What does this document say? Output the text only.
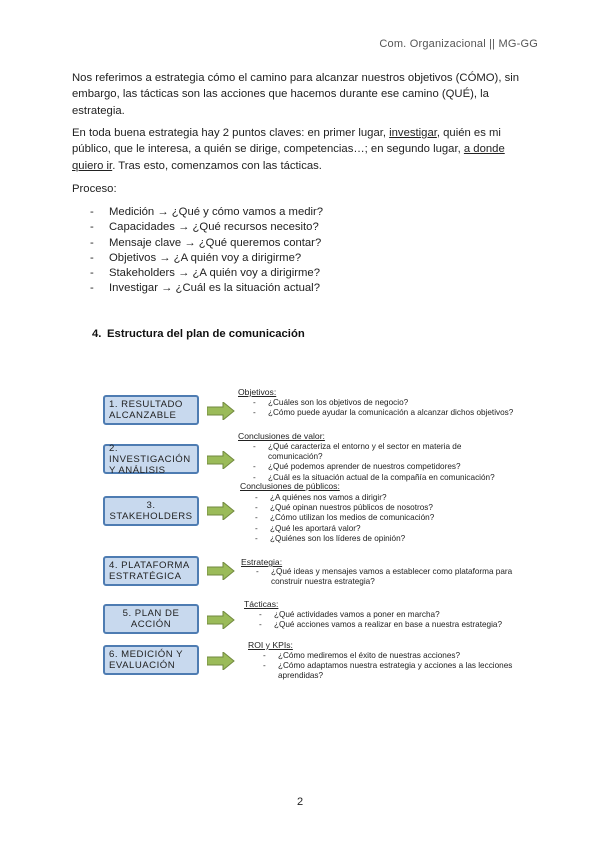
Com. Organizacional || MG-GG
Nos referimos a estrategia cómo el camino para alcanzar nuestros objetivos (CÓMO), sin embargo, las tácticas son las acciones que hacemos durante ese camino (QUÉ), la estrategia.
En toda buena estrategia hay 2 puntos claves: en primer lugar, investigar, quién es mi público, que le interesa, a quién se dirige, competencias…; en segundo lugar, a donde quiero ir. Tras esto, comenzamos con las tácticas.
Proceso:
- Medición → ¿Qué y cómo vamos a medir?
- Capacidades → ¿Qué recursos necesito?
- Mensaje clave → ¿Qué queremos contar?
- Objetivos → ¿A quién voy a dirigirme?
- Stakeholders → ¿A quién voy a dirigirme?
- Investigar → ¿Cuál es la situación actual?
4. Estructura del plan de comunicación
1. RESULTADO ALCANZABLE
2. INVESTIGACIÓN Y ANÁLISIS
3. STAKEHOLDERS
4. PLATAFORMA ESTRATÉGICA
5. PLAN DE ACCIÓN
6. MEDICIÓN Y EVALUACIÓN
Objetivos:
- ¿Cuáles son los objetivos de negocio?
- ¿Cómo puede ayudar la comunicación a alcanzar dichos objetivos?
Conclusiones de valor:
- ¿Qué caracteriza el entorno y el sector en materia de comunicación?
- ¿Qué podemos aprender de nuestros competidores?
- ¿Cuál es la situación actual de la compañía en comunicación?
Conclusiones de públicos:
- ¿A quiénes nos vamos a dirigir?
- ¿Qué opinan nuestros públicos de nosotros?
- ¿Cómo utilizan los medios de comunicación?
- ¿Qué les aportará valor?
- ¿Quiénes son los líderes de opinión?
Estrategia:
- ¿Qué ideas y mensajes vamos a establecer como plataforma para construir nuestra estrategia?
Tácticas:
- ¿Qué actividades vamos a poner en marcha?
- ¿Qué acciones vamos a realizar en base a nuestra estrategia?
ROI y KPIs:
- ¿Cómo mediremos el éxito de nuestras acciones?
- ¿Cómo adaptamos nuestra estrategia y acciones a las lecciones aprendidas?
2
